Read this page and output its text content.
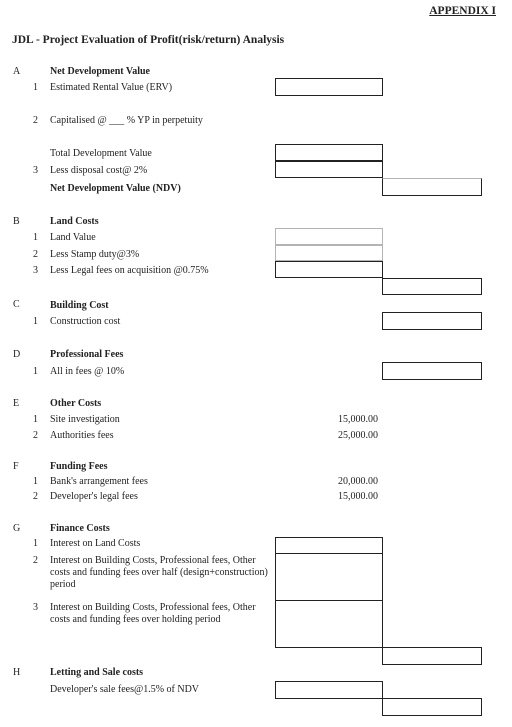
APPENDIX I
JDL - Project Evaluation of Profit(risk/return) Analysis
A	Net Development Value
1 Estimated Rental Value (ERV)
2 Capitalised @ ___ % YP in perpetuity
Total Development Value
3 Less disposal cost@ 2%
Net Development Value (NDV)
B	Land Costs
1 Land Value
2 Less Stamp duty@3%
3 Less Legal fees on acquisition @0.75%
C	Building Cost
1 Construction cost
D	Professional Fees
1 All in fees @ 10%
E	Other Costs
1 Site investigation	15,000.00
2 Authorities fees	25,000.00
F	Funding Fees
1 Bank's arrangement fees	20,000.00
2 Developer's legal fees	15,000.00
G	Finance Costs
1 Interest on Land Costs
2 Interest on Building Costs, Professional fees, Other costs and funding fees over half (design+construction) period
3 Interest on Building Costs, Professional fees, Other costs and funding fees over holding period
H	Letting and Sale costs
Developer's sale fees@1.5% of NDV
